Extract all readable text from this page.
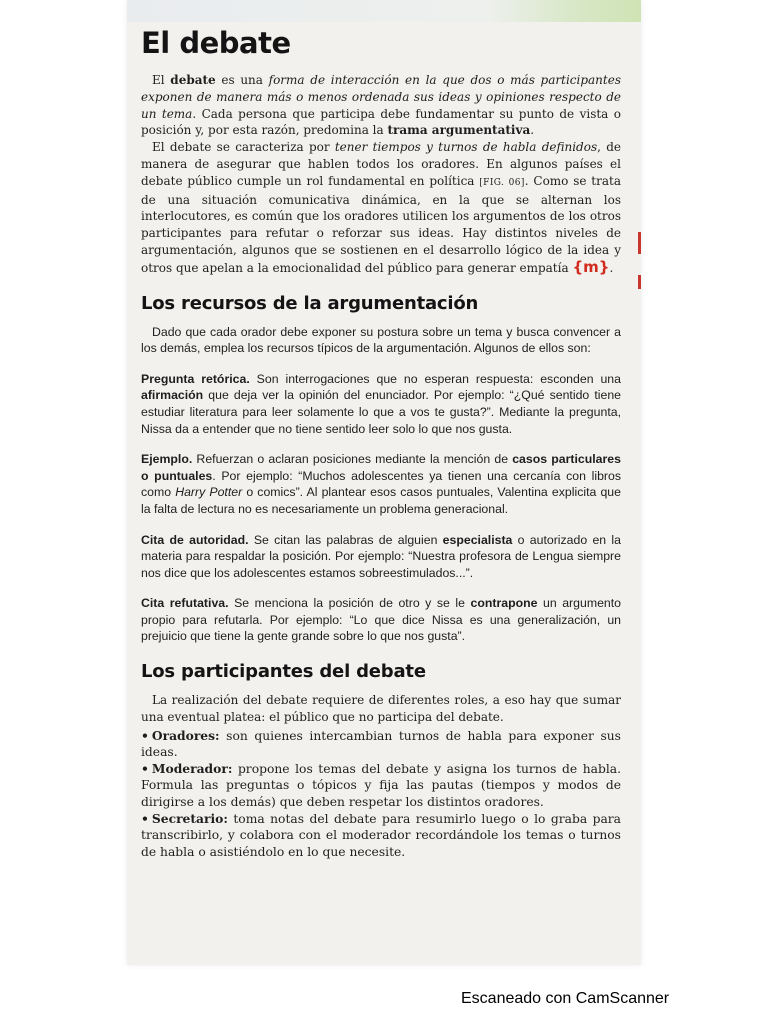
El debate

El debate es una forma de interacción en la que dos o más participantes exponen de manera más o menos ordenada sus ideas y opiniones respecto de un tema. Cada persona que participa debe fundamentar su punto de vista o posición y, por esta razón, predomina la trama argumentativa.

El debate se caracteriza por tener tiempos y turnos de habla definidos, de manera de asegurar que hablen todos los oradores. En algunos países el debate público cumple un rol fundamental en política [FIG. 06]. Como se trata de una situación comunicativa dinámica, en la que se alternan los interlocutores, es común que los oradores utilicen los argumentos de los otros participantes para refutar o reforzar sus ideas. Hay distintos niveles de argumentación, algunos que se sostienen en el desarrollo lógico de la idea y otros que apelan a la emocionalidad del público para generar empatía {m}.

Los recursos de la argumentación

Dado que cada orador debe exponer su postura sobre un tema y busca convencer a los demás, emplea los recursos típicos de la argumentación. Algunos de ellos son:

Pregunta retórica. Son interrogaciones que no esperan respuesta: esconden una afirmación que deja ver la opinión del enunciador. Por ejemplo: “¿Qué sentido tiene estudiar literatura para leer solamente lo que a vos te gusta?”. Mediante la pregunta, Nissa da a entender que no tiene sentido leer solo lo que nos gusta.

Ejemplo. Refuerzan o aclaran posiciones mediante la mención de casos particulares o puntuales. Por ejemplo: “Muchos adolescentes ya tienen una cercanía con libros como Harry Potter o comics”. Al plantear esos casos puntuales, Valentina explicita que la falta de lectura no es necesariamente un problema generacional.

Cita de autoridad. Se citan las palabras de alguien especialista o autorizado en la materia para respaldar la posición. Por ejemplo: “Nuestra profesora de Lengua siempre nos dice que los adolescentes estamos sobreestimulados...”.

Cita refutativa. Se menciona la posición de otro y se le contrapone un argumento propio para refutarla. Por ejemplo: “Lo que dice Nissa es una generalización, un prejuicio que tiene la gente grande sobre lo que nos gusta”.

Los participantes del debate

La realización del debate requiere de diferentes roles, a eso hay que sumar una eventual platea: el público que no participa del debate.

• Oradores: son quienes intercambian turnos de habla para exponer sus ideas.
• Moderador: propone los temas del debate y asigna los turnos de habla. Formula las preguntas o tópicos y fija las pautas (tiempos y modos de dirigirse a los demás) que deben respetar los distintos oradores.
• Secretario: toma notas del debate para resumirlo luego o lo graba para transcribirlo, y colabora con el moderador recordándole los temas o turnos de habla o asistiéndolo en lo que necesite.
Escaneado con CamScanner
